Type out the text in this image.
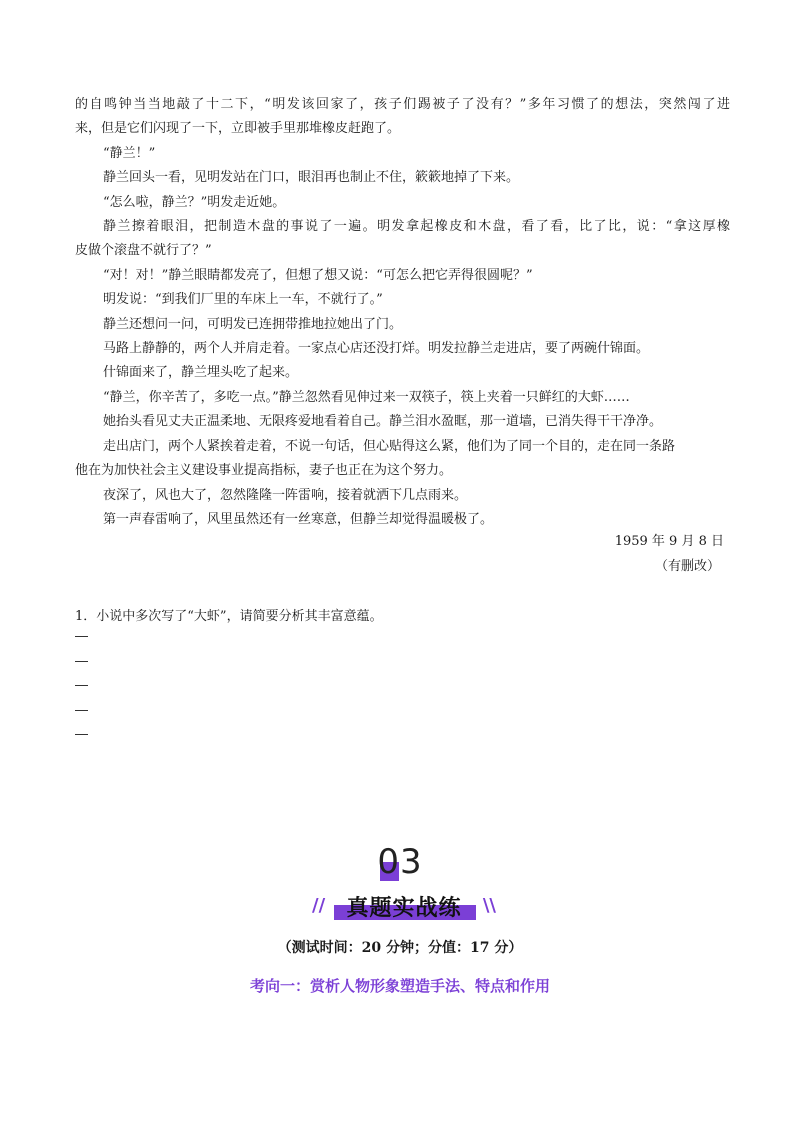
的自鸣钟当当地敲了十二下，“明发该回家了，孩子们踢被子了没有？”多年习惯了的想法，突然闯了进

来，但是它们闪现了一下，立即被手里那堆橡皮赶跑了。

“静兰！”

静兰回头一看，见明发站在门口，眼泪再也制止不住，簌簌地掉了下来。

“怎么啦，静兰？”明发走近她。

静兰擦着眼泪，把制造木盘的事说了一遍。明发拿起橡皮和木盘，看了看，比了比，说：“拿这厚橡

皮做个滚盘不就行了？”

“对！对！”静兰眼睛都发亮了，但想了想又说：“可怎么把它弄得很圆呢？”

明发说：“到我们厂里的车床上一车，不就行了。”

静兰还想问一问，可明发已连拥带推地拉她出了门。

马路上静静的，两个人并肩走着。一家点心店还没打烊。明发拉静兰走进店，要了两碗什锦面。

什锦面来了，静兰埋头吃了起来。

“静兰，你辛苦了，多吃一点。”静兰忽然看见伸过来一双筷子，筷上夹着一只鲜红的大虾……

她抬头看见丈夫正温柔地、无限疼爱地看着自己。静兰泪水盈眶，那一道墙，已消失得干干净净。

走出店门，两个人紧挨着走着，不说一句话，但心贴得这么紧，他们为了同一个目的，走在同一条路

他在为加快社会主义建设事业提高指标，妻子也正在为这个努力。

夜深了，风也大了，忽然隆隆一阵雷响，接着就洒下几点雨来。

第一声春雷响了，风里虽然还有一丝寒意，但静兰却觉得温暖极了。

1959 年 9 月 8 日
（有删改）
1．小说中多次写了“大虾”，请简要分析其丰富意蕴。
03
// 真题实战练	\\
（测试时间：20 分钟；分值：17 分）
考向一：赏析人物形象塑造手法、特点和作用
